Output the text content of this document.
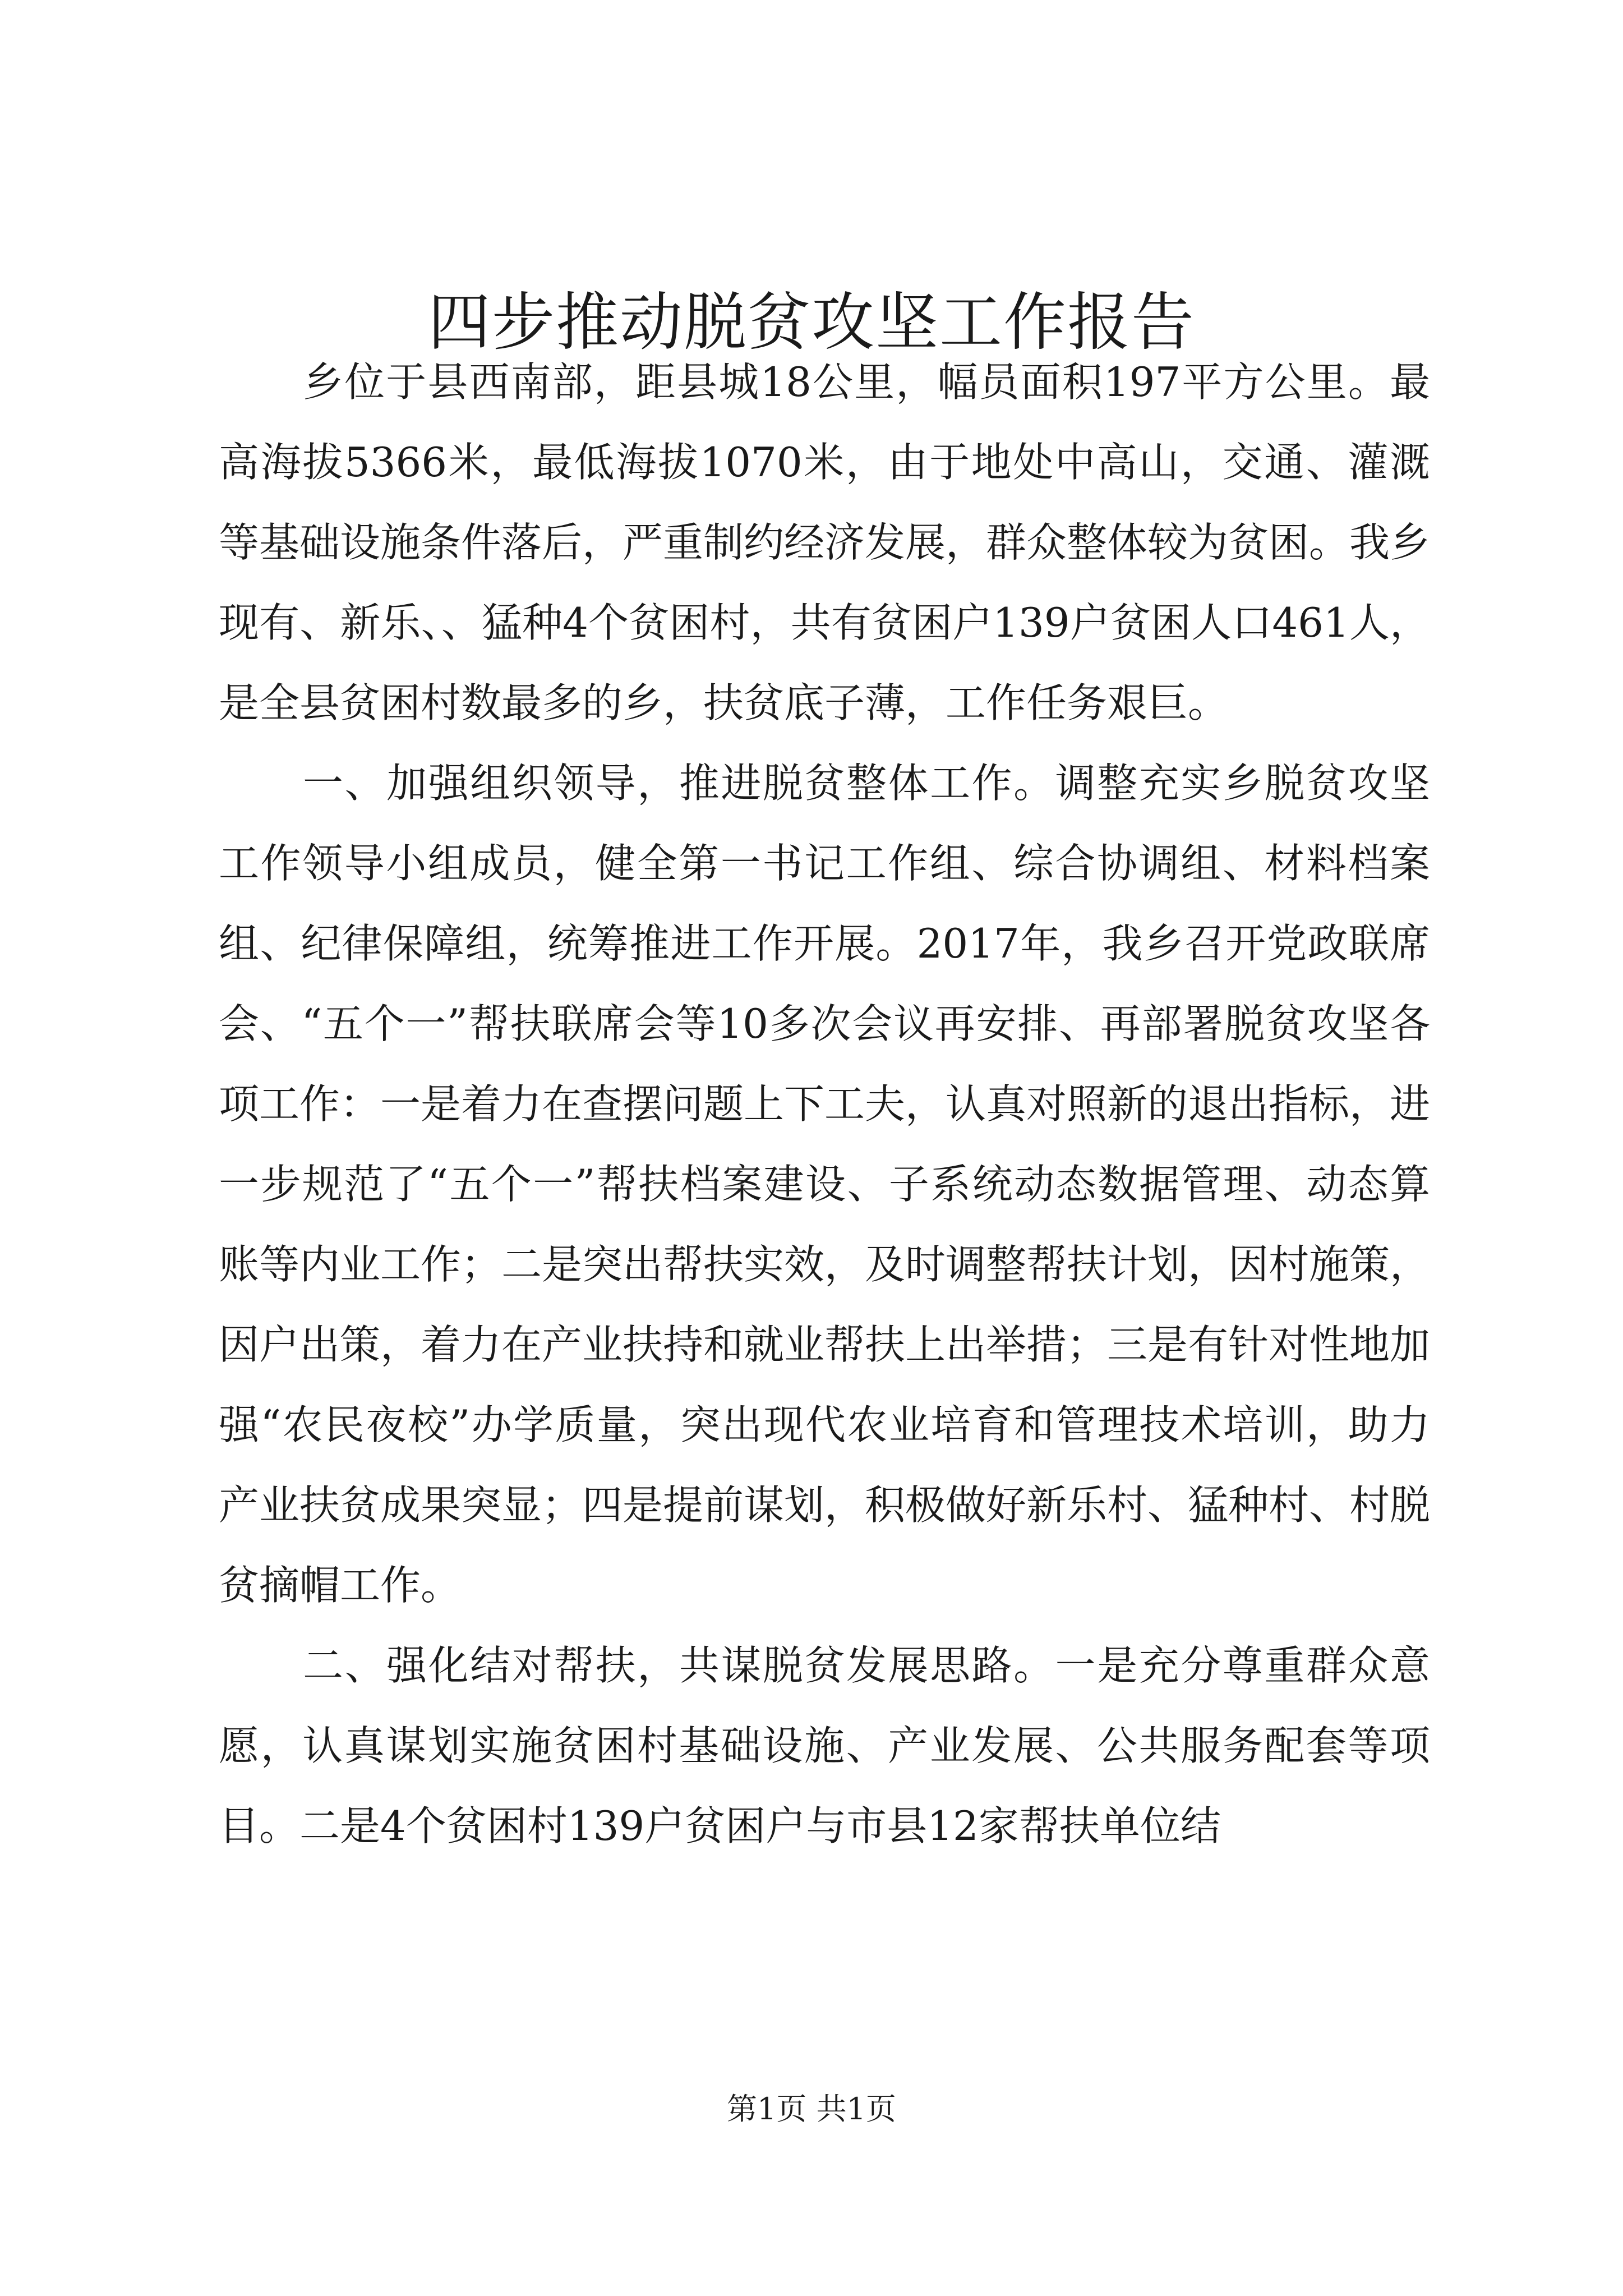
四步推动脱贫攻坚工作报告

乡位于县西南部，距县城18公里，幅员面积197平方公里。最高海拔5366米，最低海拔1070米，由于地处中高山，交通、灌溉等基础设施条件落后，严重制约经济发展，群众整体较为贫困。我乡现有、新乐、、猛种4个贫困村，共有贫困户139户贫困人口461人，是全县贫困村数最多的乡，扶贫底子薄，工作任务艰巨。

一、加强组织领导，推进脱贫整体工作。调整充实乡脱贫攻坚工作领导小组成员，健全第一书记工作组、综合协调组、材料档案组、纪律保障组，统筹推进工作开展。2017年，我乡召开党政联席会、“五个一”帮扶联席会等10多次会议再安排、再部署脱贫攻坚各项工作：一是着力在查摆问题上下工夫，认真对照新的退出指标，进一步规范了“五个一”帮扶档案建设、子系统动态数据管理、动态算账等内业工作；二是突出帮扶实效，及时调整帮扶计划，因村施策，因户出策，着力在产业扶持和就业帮扶上出举措；三是有针对性地加强“农民夜校”办学质量，突出现代农业培育和管理技术培训，助力产业扶贫成果突显；四是提前谋划，积极做好新乐村、猛种村、村脱贫摘帽工作。

二、强化结对帮扶，共谋脱贫发展思路。一是充分尊重群众意愿，认真谋划实施贫困村基础设施、产业发展、公共服务配套等项目。二是4个贫困村139户贫困户与市县12家帮扶单位结

第1页 共1页
